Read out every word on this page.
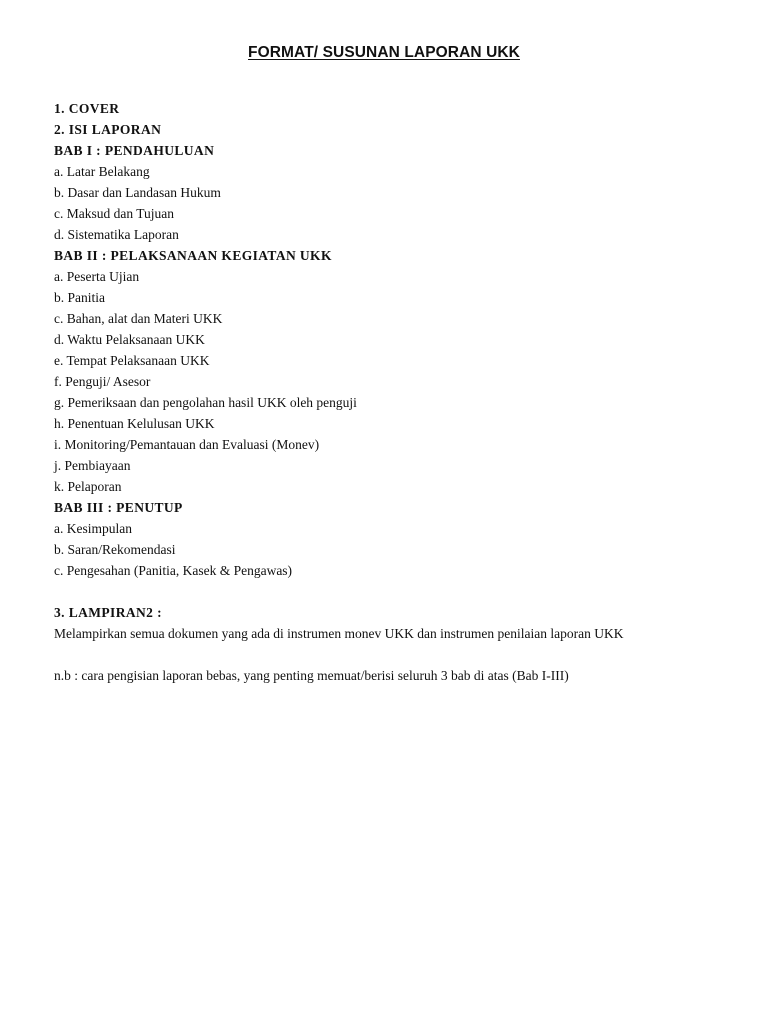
FORMAT/ SUSUNAN LAPORAN UKK
1. COVER
2. ISI LAPORAN
BAB I : PENDAHULUAN
a. Latar Belakang
b. Dasar dan Landasan Hukum
c. Maksud dan Tujuan
d. Sistematika Laporan
BAB II : PELAKSANAAN KEGIATAN UKK
a. Peserta Ujian
b. Panitia
c. Bahan, alat dan Materi UKK
d. Waktu Pelaksanaan UKK
e. Tempat Pelaksanaan UKK
f. Penguji/ Asesor
g. Pemeriksaan dan pengolahan hasil UKK oleh penguji
h. Penentuan Kelulusan UKK
i. Monitoring/Pemantauan dan Evaluasi (Monev)
j. Pembiayaan
k. Pelaporan
BAB III : PENUTUP
a. Kesimpulan
b. Saran/Rekomendasi
c. Pengesahan (Panitia, Kasek & Pengawas)
3. LAMPIRAN2 :
Melampirkan semua dokumen yang ada di instrumen monev UKK dan instrumen penilaian laporan UKK
n.b : cara pengisian laporan bebas, yang penting memuat/berisi seluruh 3 bab di atas (Bab I-III)
